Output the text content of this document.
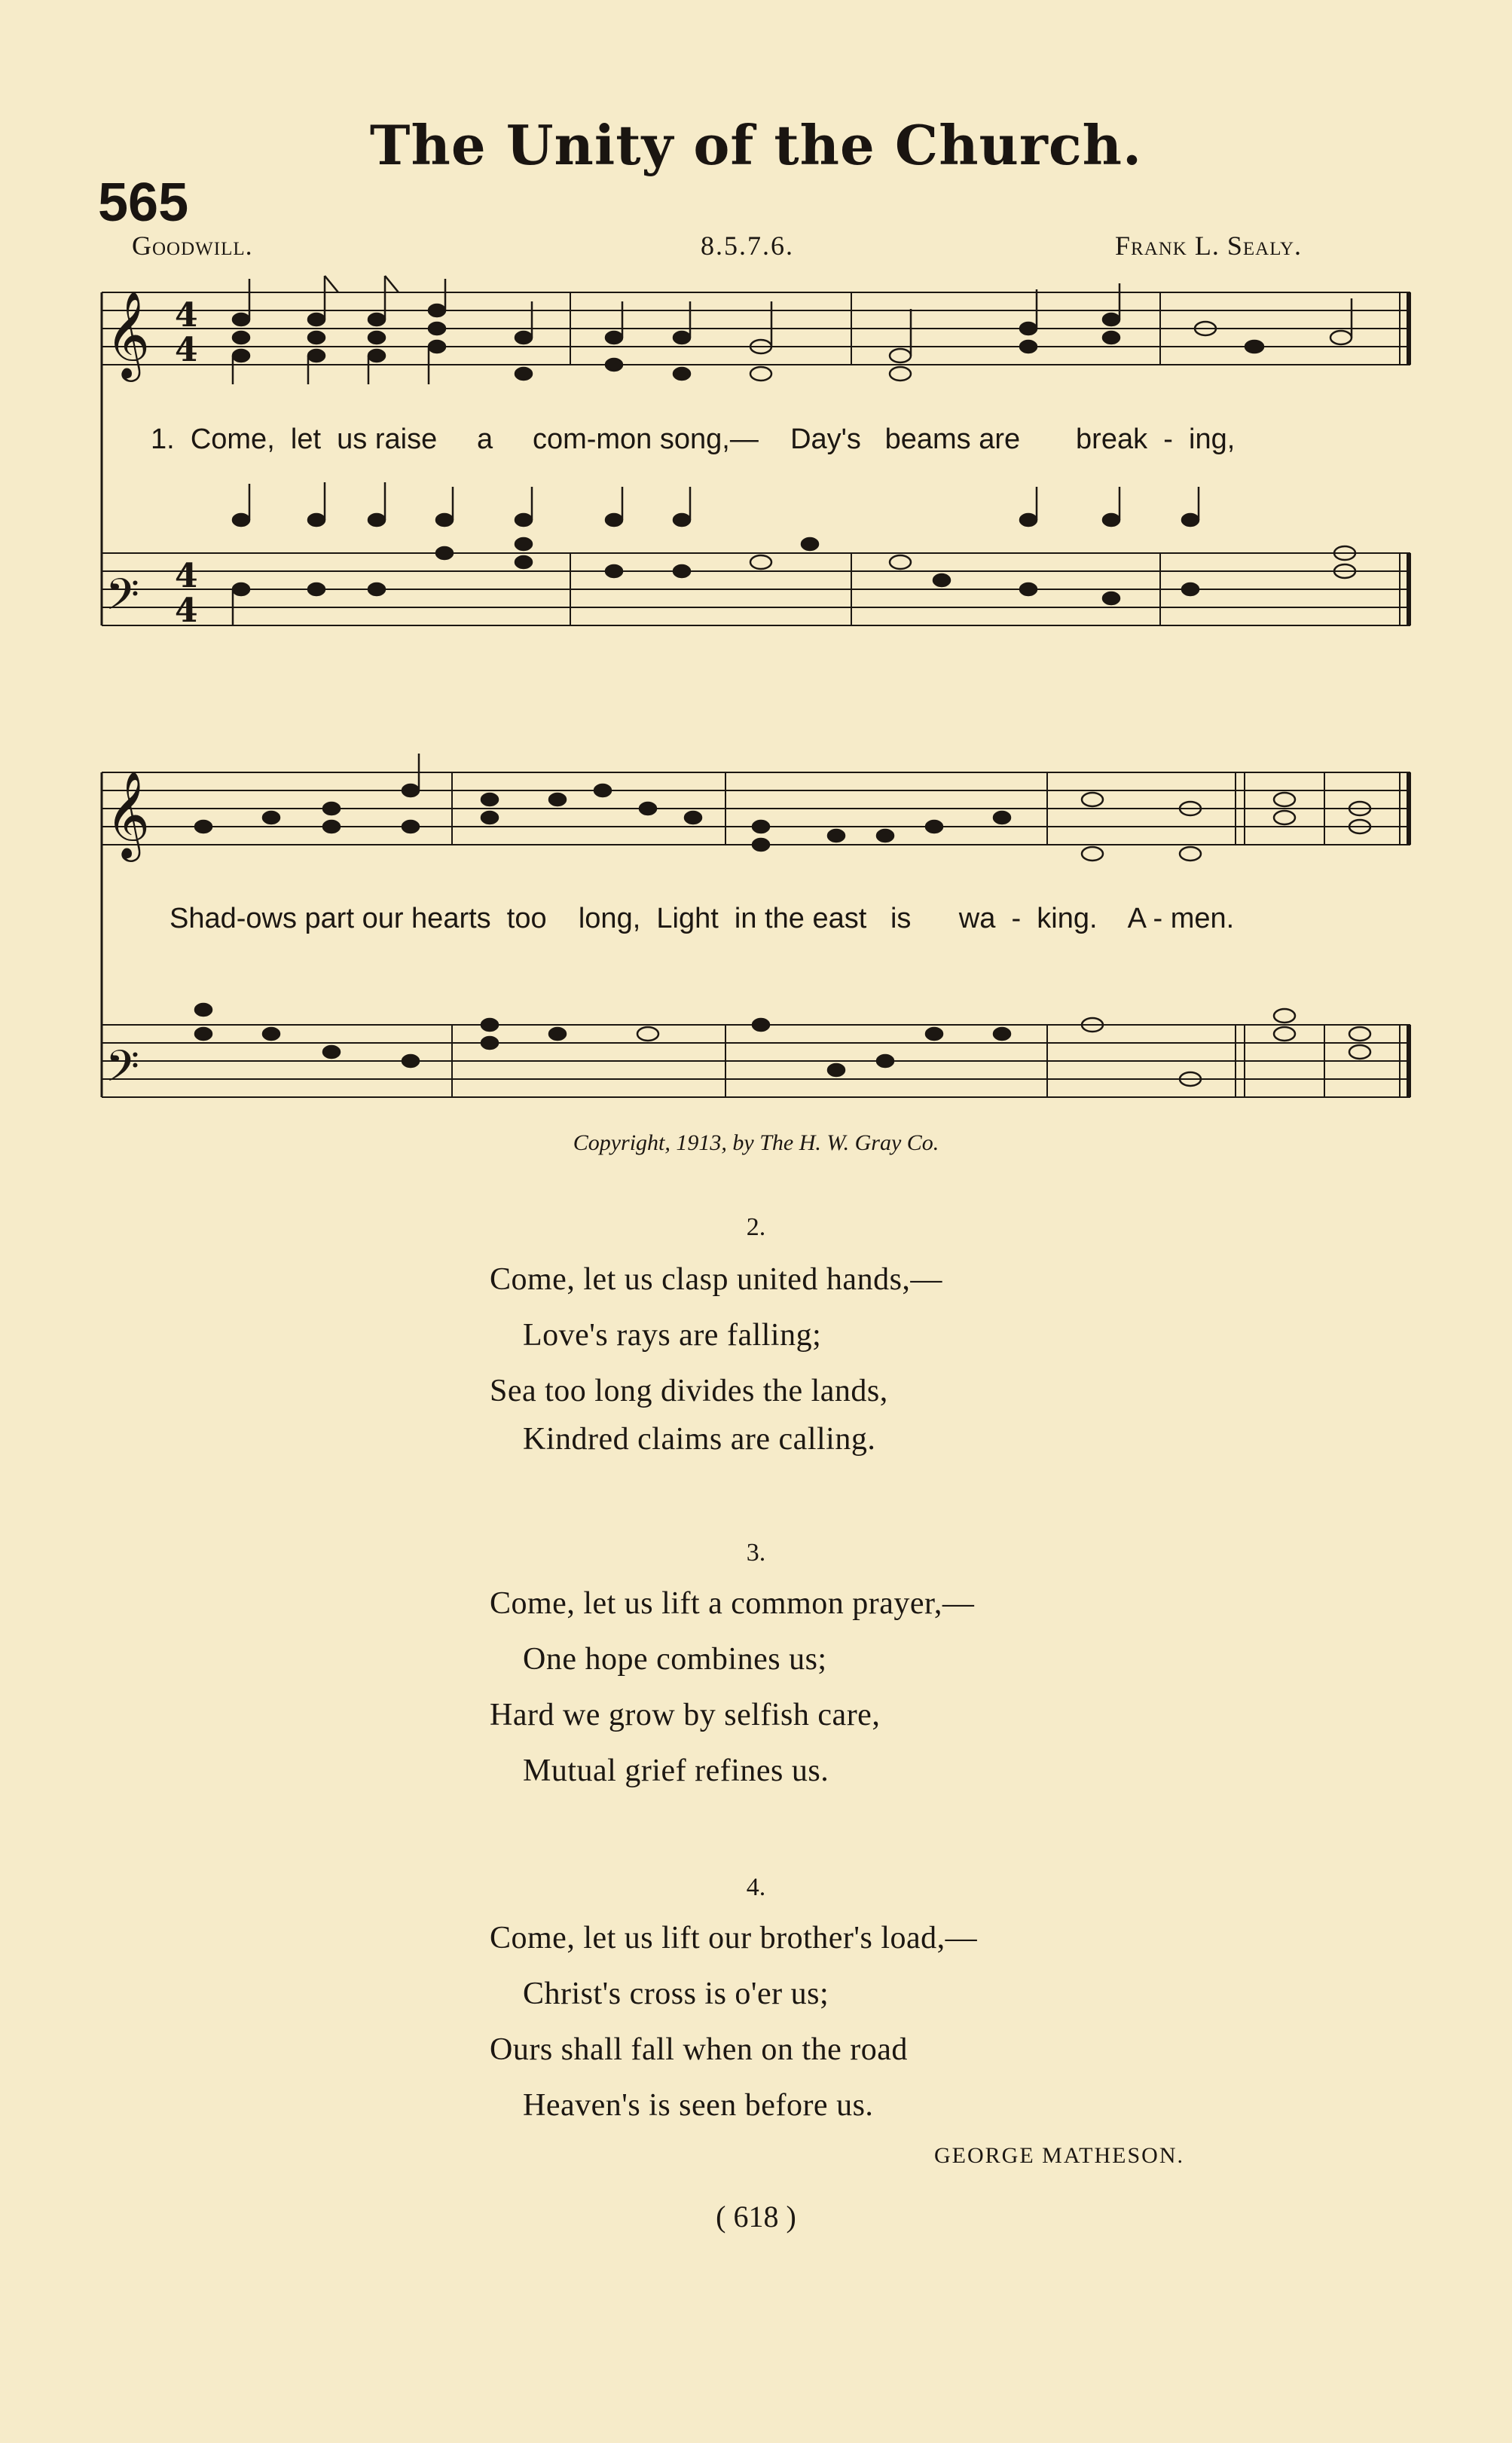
The Unity of the Church.
565
Goodwill.	8.5.7.6.	Frank L. Sealy.
𝄞
𝄢
𝄞
𝄢
4
4
4
4
1. Come, let us raise a com-mon song,— Day's beams are break - ing,
Shad-ows part our hearts too long, Light in the east is wa - king. A - men.
Copyright, 1913, by The H. W. Gray Co.
2.
Come, let us clasp united hands,—
Love's rays are falling;
Sea too long divides the lands,
Kindred claims are calling.
3.
Come, let us lift a common prayer,—
One hope combines us;
Hard we grow by selfish care,
Mutual grief refines us.
4.
Come, let us lift our brother's load,—
Christ's cross is o'er us;
Ours shall fall when on the road
Heaven's is seen before us.
GEORGE MATHESON.
( 618 )
